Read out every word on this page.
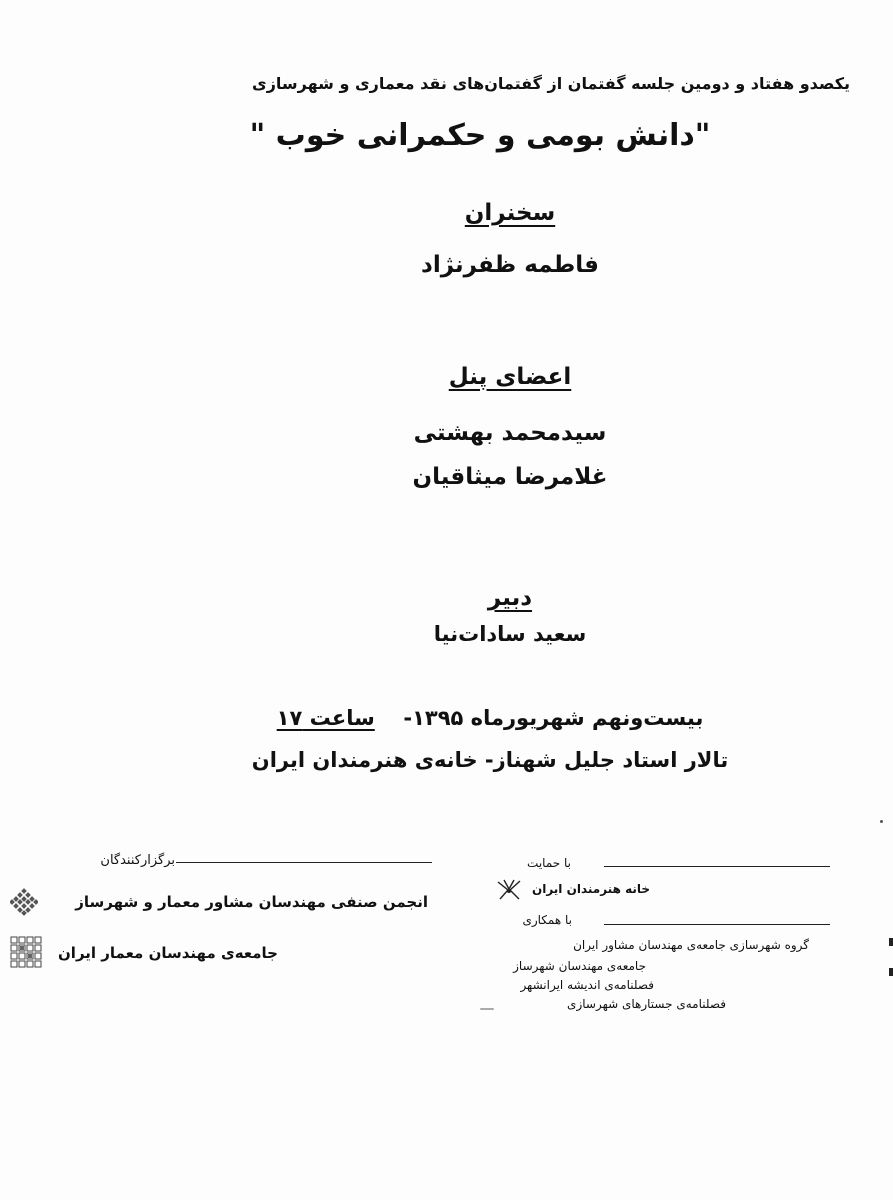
یکصدو هفتاد و دومین جلسه گفتمان از گفتمان‌های نقد معماری و شهرسازی
"دانش بومی و حکمرانی خوب "
سخنران
فاطمه ظفرنژاد
اعضای پنل
سیدمحمد بهشتی
غلامرضا میثاقیان
دبیر
سعید سادات‌نیا
بیست‌ونهم شهریورماه ۱۳۹۵-  ساعت ۱۷
تالار استاد جلیل شهناز- خانه‌ی هنرمندان ایران
برگزارکنندگان
انجمن صنفی مهندسان مشاور معمار و شهرساز
جامعه‌ی مهندسان معمار ایران
با حمایت
خانه هنرمندان ایران
با همکاری
گروه شهرسازی جامعه‌ی مهندسان مشاور ایران
جامعه‌ی مهندسان شهرساز
فصلنامه‌ی اندیشه ایرانشهر
فصلنامه‌ی جستارهای شهرسازی
